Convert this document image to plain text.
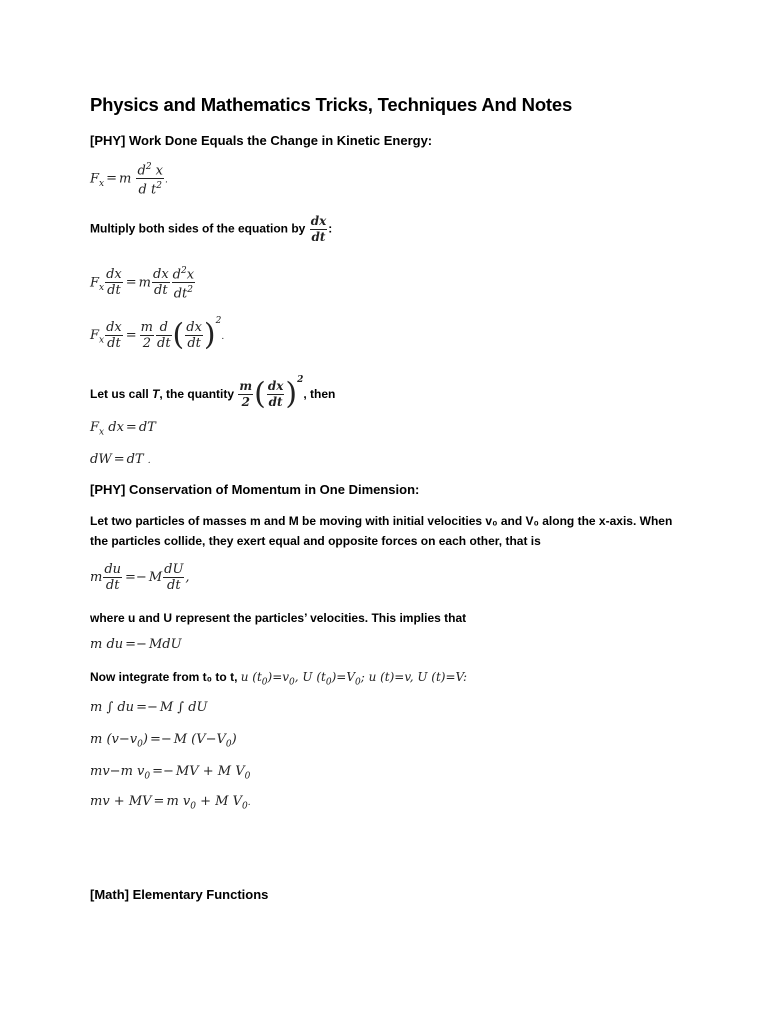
Physics and Mathematics Tricks, Techniques And Notes
[PHY] Work Done Equals the Change in Kinetic Energy:
$F_x = m \frac{d^2 x}{d t^2}$ .
Multiply both sides of the equation by $\frac{dx}{dt}$ :
$F_x \frac{dx}{dt} = m \frac{dx}{dt} \frac{d^2x}{dt^2}$
$F_x \frac{dx}{dt} = \frac{m}{2} \frac{d}{dt}$ ( $\frac{dx}{dt} )^2$.
Let us call T, the quantity $\frac{m}{2}$ ( $\frac{dx}{dt} )^2$, then
$F_x$ dx = dT
dW = dT .
[PHY] Conservation of Momentum in One Dimension:
Let two particles of masses m and M be moving with initial velocities v₀ and V₀ along the x-axis. When
the particles collide, they exert equal and opposite forces on each other, that is
m $\frac{du}{dt} =- M \frac{dU}{dt}$ ,
where u and U represent the particles’ velocities. This implies that
m du =− MdU
Now integrate from t₀ to t, u $(t_0)=v_0$, U $(t_0)=V_0$; u (t)=v, U (t)=V:
m ∫ du =− M ∫ dU
m $(v-v_0) =- M$ $(V-V_0)$
mv−m $v_0$ =− MV + M $V_0$
mv + MV = m $v_0 + M$ $V_0$.
[Math] Elementary Functions
